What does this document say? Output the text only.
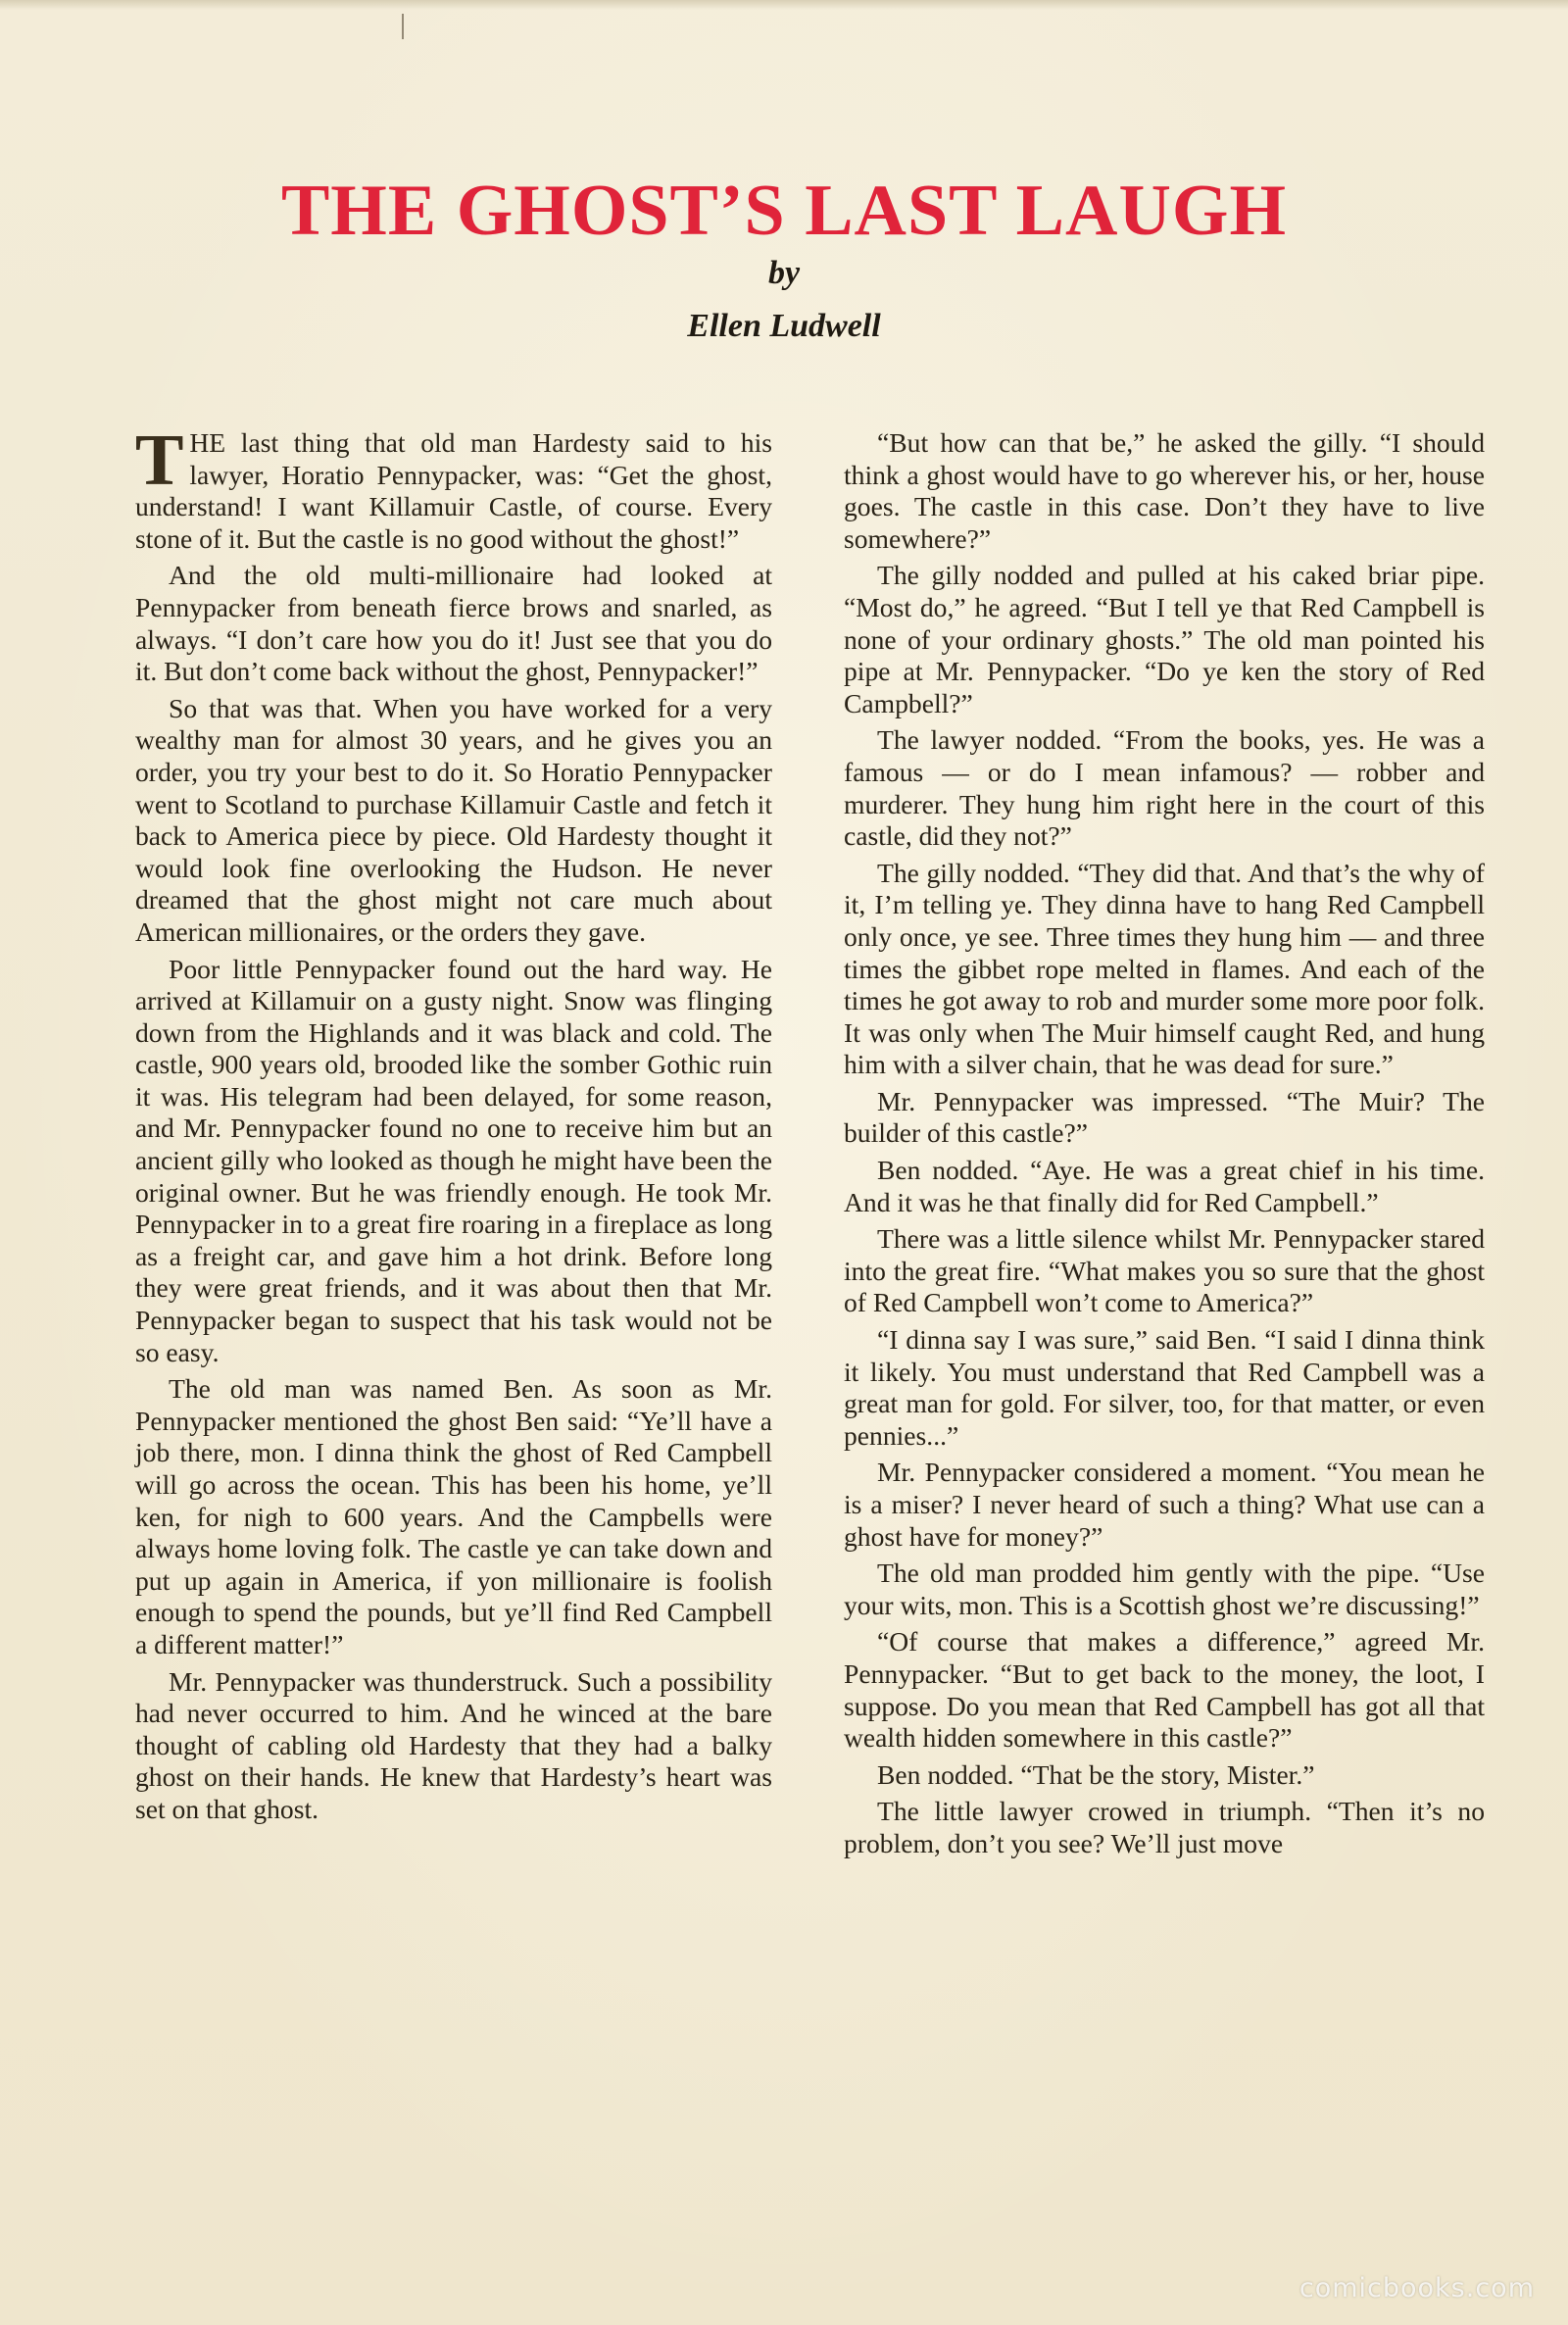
THE GHOST’S LAST LAUGH
by
Ellen Ludwell

T HE last thing that old man Hardesty said to his lawyer, Horatio Pennypacker, was: “Get the ghost, understand! I want Killamuir Castle, of course. Every stone of it. But the castle is no good without the ghost!”

And the old multi-millionaire had looked at Pennypacker from beneath fierce brows and snarled, as always. “I don’t care how you do it! Just see that you do it. But don’t come back without the ghost, Pennypacker!”

So that was that. When you have worked for a very wealthy man for almost 30 years, and he gives you an order, you try your best to do it. So Horatio Pennypacker went to Scotland to purchase Killamuir Castle and fetch it back to America piece by piece. Old Hardesty thought it would look fine overlooking the Hudson. He never dreamed that the ghost might not care much about American millionaires, or the orders they gave.

Poor little Pennypacker found out the hard way. He arrived at Killamuir on a gusty night. Snow was flinging down from the Highlands and it was black and cold. The castle, 900 years old, brooded like the somber Gothic ruin it was. His telegram had been delayed, for some reason, and Mr. Pennypacker found no one to receive him but an ancient gilly who looked as though he might have been the original owner. But he was friendly enough. He took Mr. Pennypacker in to a great fire roaring in a fireplace as long as a freight car, and gave him a hot drink. Before long they were great friends, and it was about then that Mr. Pennypacker began to suspect that his task would not be so easy.

The old man was named Ben. As soon as Mr. Pennypacker mentioned the ghost Ben said: “Ye’ll have a job there, mon. I dinna think the ghost of Red Campbell will go across the ocean. This has been his home, ye’ll ken, for nigh to 600 years. And the Campbells were always home loving folk. The castle ye can take down and put up again in America, if yon millionaire is foolish enough to spend the pounds, but ye’ll find Red Campbell a different matter!”

Mr. Pennypacker was thunderstruck. Such a possibility had never occurred to him. And he winced at the bare thought of cabling old Hardesty that they had a balky ghost on their hands. He knew that Hardesty’s heart was set on that ghost.

“But how can that be,” he asked the gilly. “I should think a ghost would have to go wherever his, or her, house goes. The castle in this case. Don’t they have to live somewhere?”

The gilly nodded and pulled at his caked briar pipe. “Most do,” he agreed. “But I tell ye that Red Campbell is none of your ordinary ghosts.” The old man pointed his pipe at Mr. Pennypacker. “Do ye ken the story of Red Campbell?”

The lawyer nodded. “From the books, yes. He was a famous — or do I mean infamous? — robber and murderer. They hung him right here in the court of this castle, did they not?”

The gilly nodded. “They did that. And that’s the why of it, I’m telling ye. They dinna have to hang Red Campbell only once, ye see. Three times they hung him — and three times the gibbet rope melted in flames. And each of the times he got away to rob and murder some more poor folk. It was only when The Muir himself caught Red, and hung him with a silver chain, that he was dead for sure.”

Mr. Pennypacker was impressed. “The Muir? The builder of this castle?”

Ben nodded. “Aye. He was a great chief in his time. And it was he that finally did for Red Campbell.”

There was a little silence whilst Mr. Pennypacker stared into the great fire. “What makes you so sure that the ghost of Red Campbell won’t come to America?”

“I dinna say I was sure,” said Ben. “I said I dinna think it likely. You must understand that Red Campbell was a great man for gold. For silver, too, for that matter, or even pennies...”

Mr. Pennypacker considered a moment. “You mean he is a miser? I never heard of such a thing? What use can a ghost have for money?”

The old man prodded him gently with the pipe. “Use your wits, mon. This is a Scottish ghost we’re discussing!”

“Of course that makes a difference,” agreed Mr. Pennypacker. “But to get back to the money, the loot, I suppose. Do you mean that Red Campbell has got all that wealth hidden somewhere in this castle?”

Ben nodded. “That be the story, Mister.”

The little lawyer crowed in triumph. “Then it’s no problem, don’t you see? We’ll just move

comicbooks.com
